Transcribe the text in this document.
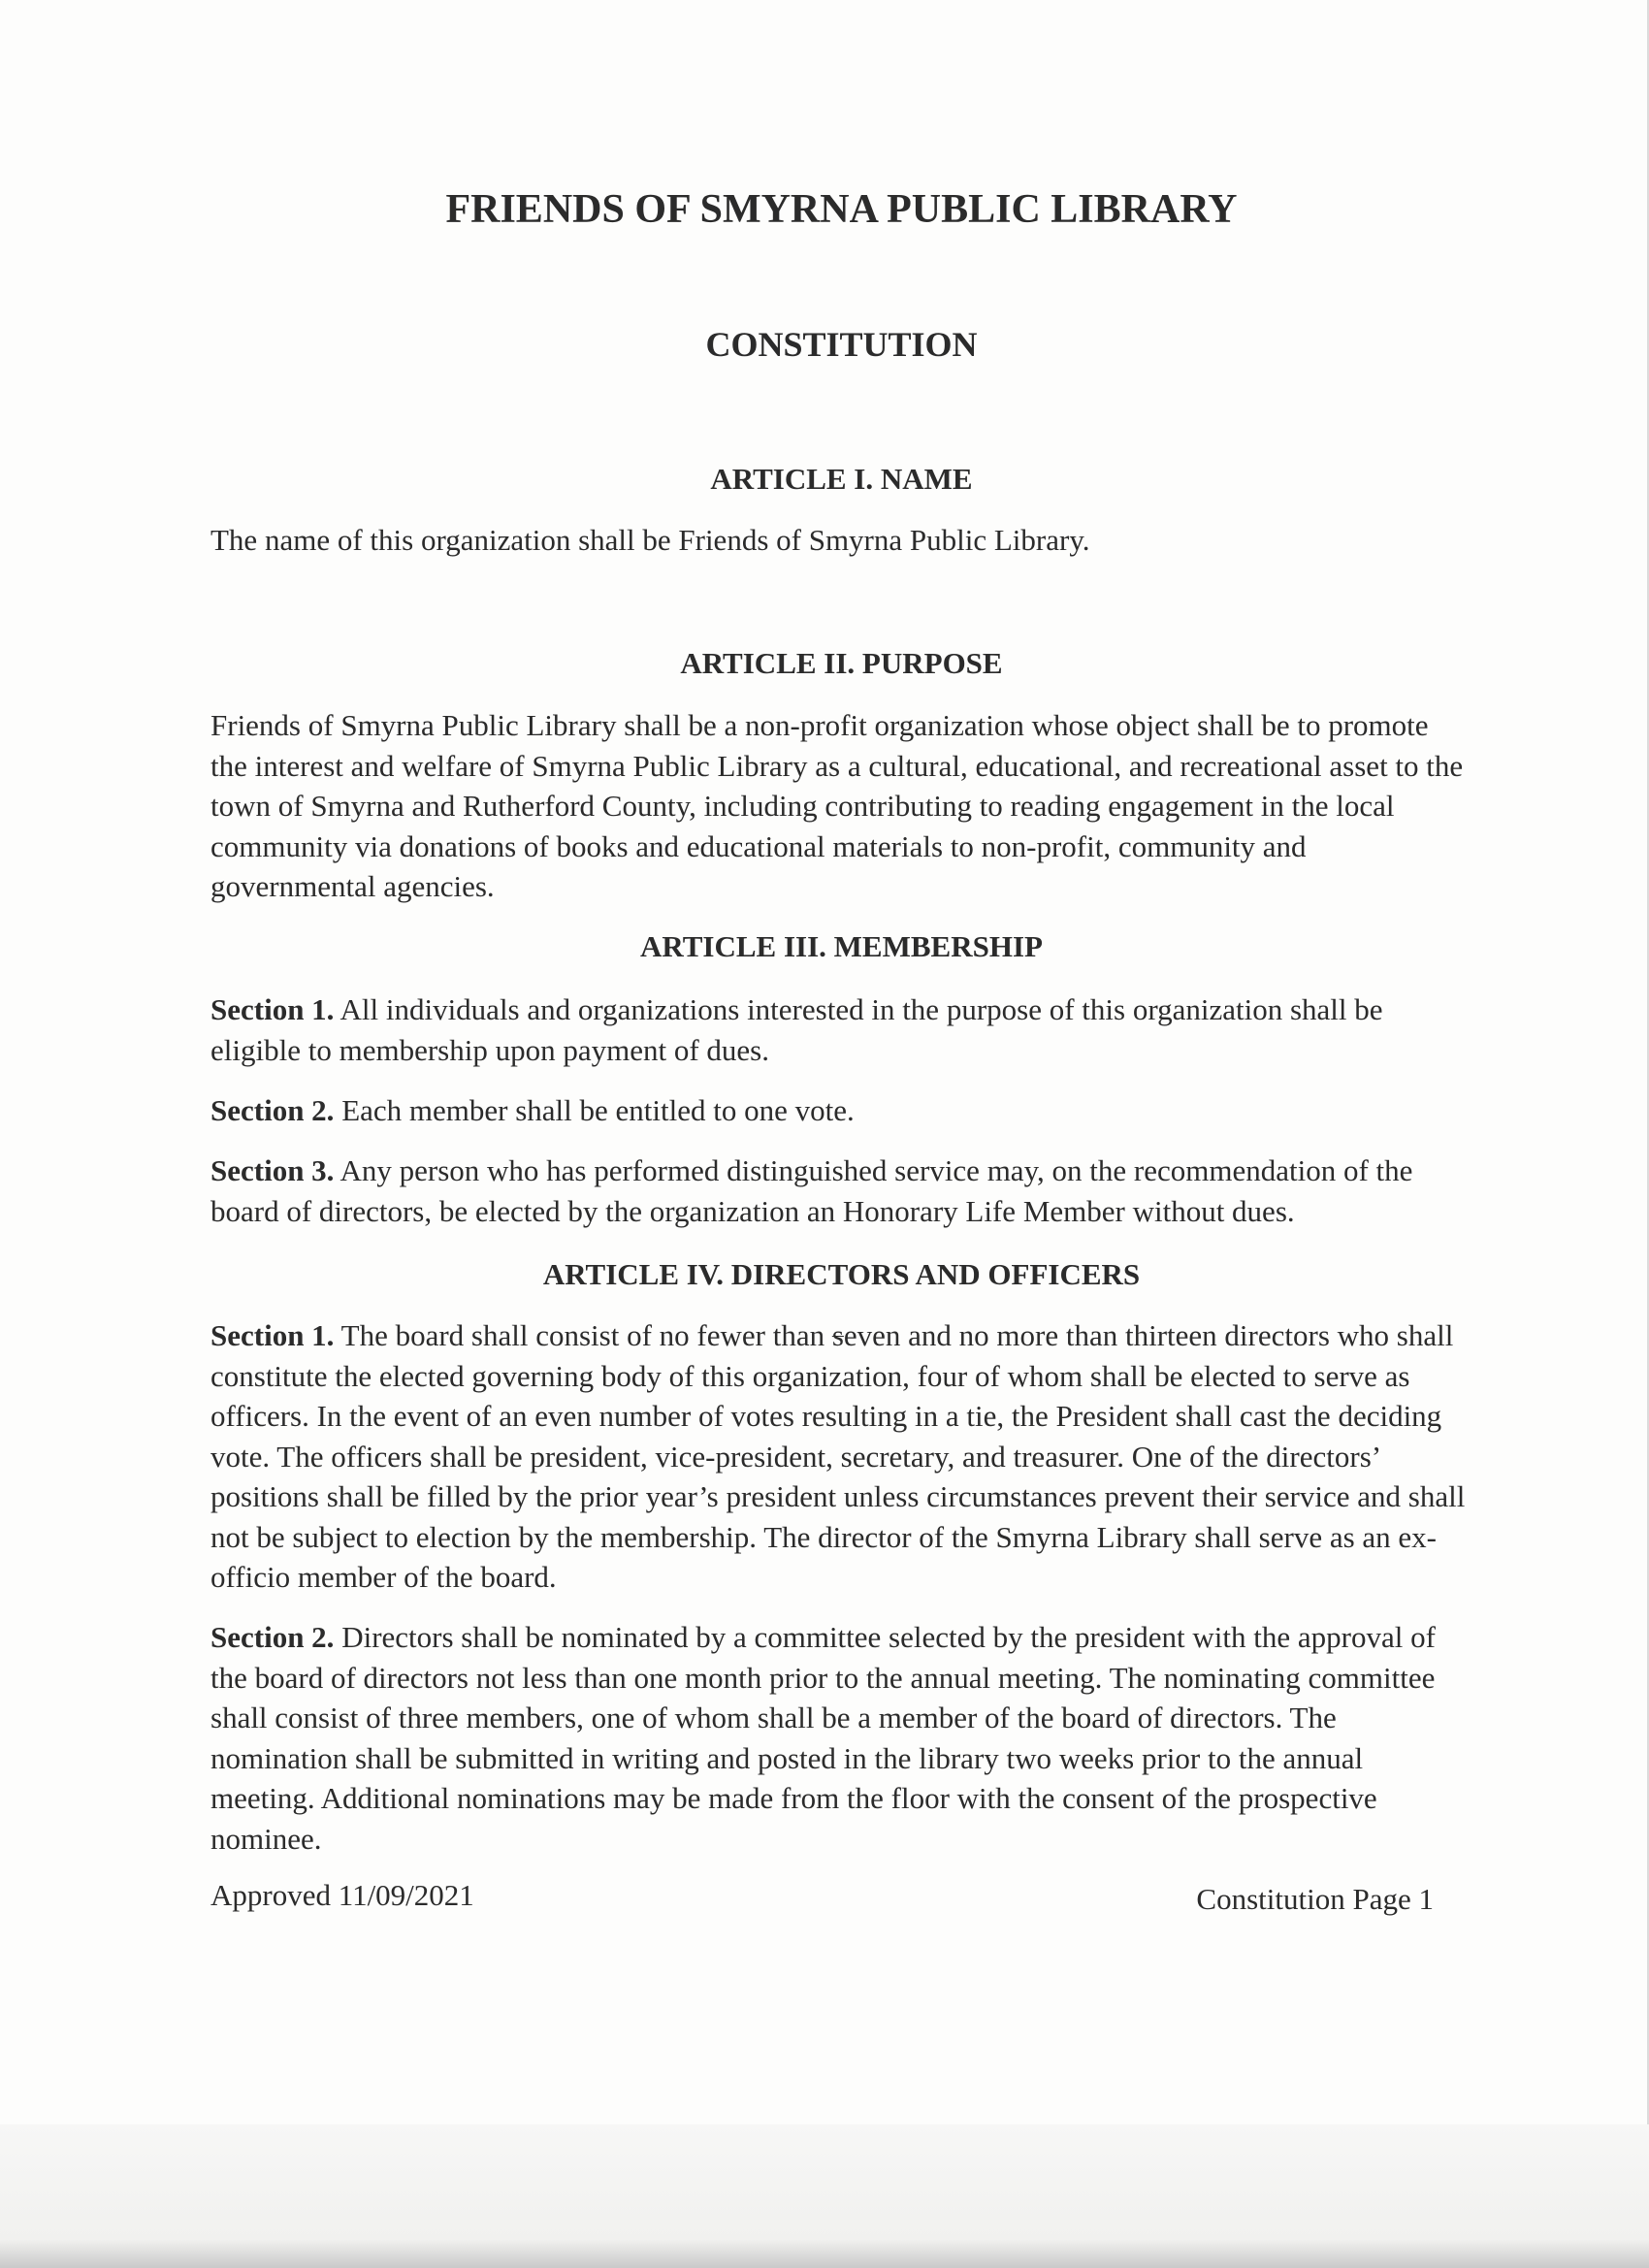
FRIENDS OF SMYRNA PUBLIC LIBRARY
CONSTITUTION
ARTICLE I. NAME

The name of this organization shall be Friends of Smyrna Public Library.

ARTICLE II. PURPOSE

Friends of Smyrna Public Library shall be a non-profit organization whose object shall be to promote the interest and welfare of Smyrna Public Library as a cultural, educational, and recreational asset to the town of Smyrna and Rutherford County, including contributing to reading engagement in the local community via donations of books and educational materials to non-profit, community and governmental agencies.

ARTICLE III. MEMBERSHIP

Section 1. All individuals and organizations interested in the purpose of this organization shall be eligible to membership upon payment of dues.

Section 2. Each member shall be entitled to one vote.

Section 3. Any person who has performed distinguished service may, on the recommendation of the board of directors, be elected by the organization an Honorary Life Member without dues.

ARTICLE IV. DIRECTORS AND OFFICERS

Section 1. The board shall consist of no fewer than seven and no more than thirteen directors who shall constitute the elected governing body of this organization, four of whom shall be elected to serve as officers. In the event of an even number of votes resulting in a tie, the President shall cast the deciding vote. The officers shall be president, vice-president, secretary, and treasurer. One of the directors’ positions shall be filled by the prior year’s president unless circumstances prevent their service and shall not be subject to election by the membership. The director of the Smyrna Library shall serve as an ex-officio member of the board.

Section 2. Directors shall be nominated by a committee selected by the president with the approval of the board of directors not less than one month prior to the annual meeting. The nominating committee shall consist of three members, one of whom shall be a member of the board of directors. The nomination shall be submitted in writing and posted in the library two weeks prior to the annual meeting. Additional nominations may be made from the floor with the consent of the prospective nominee.

Approved 11/09/2021	Constitution Page 1
